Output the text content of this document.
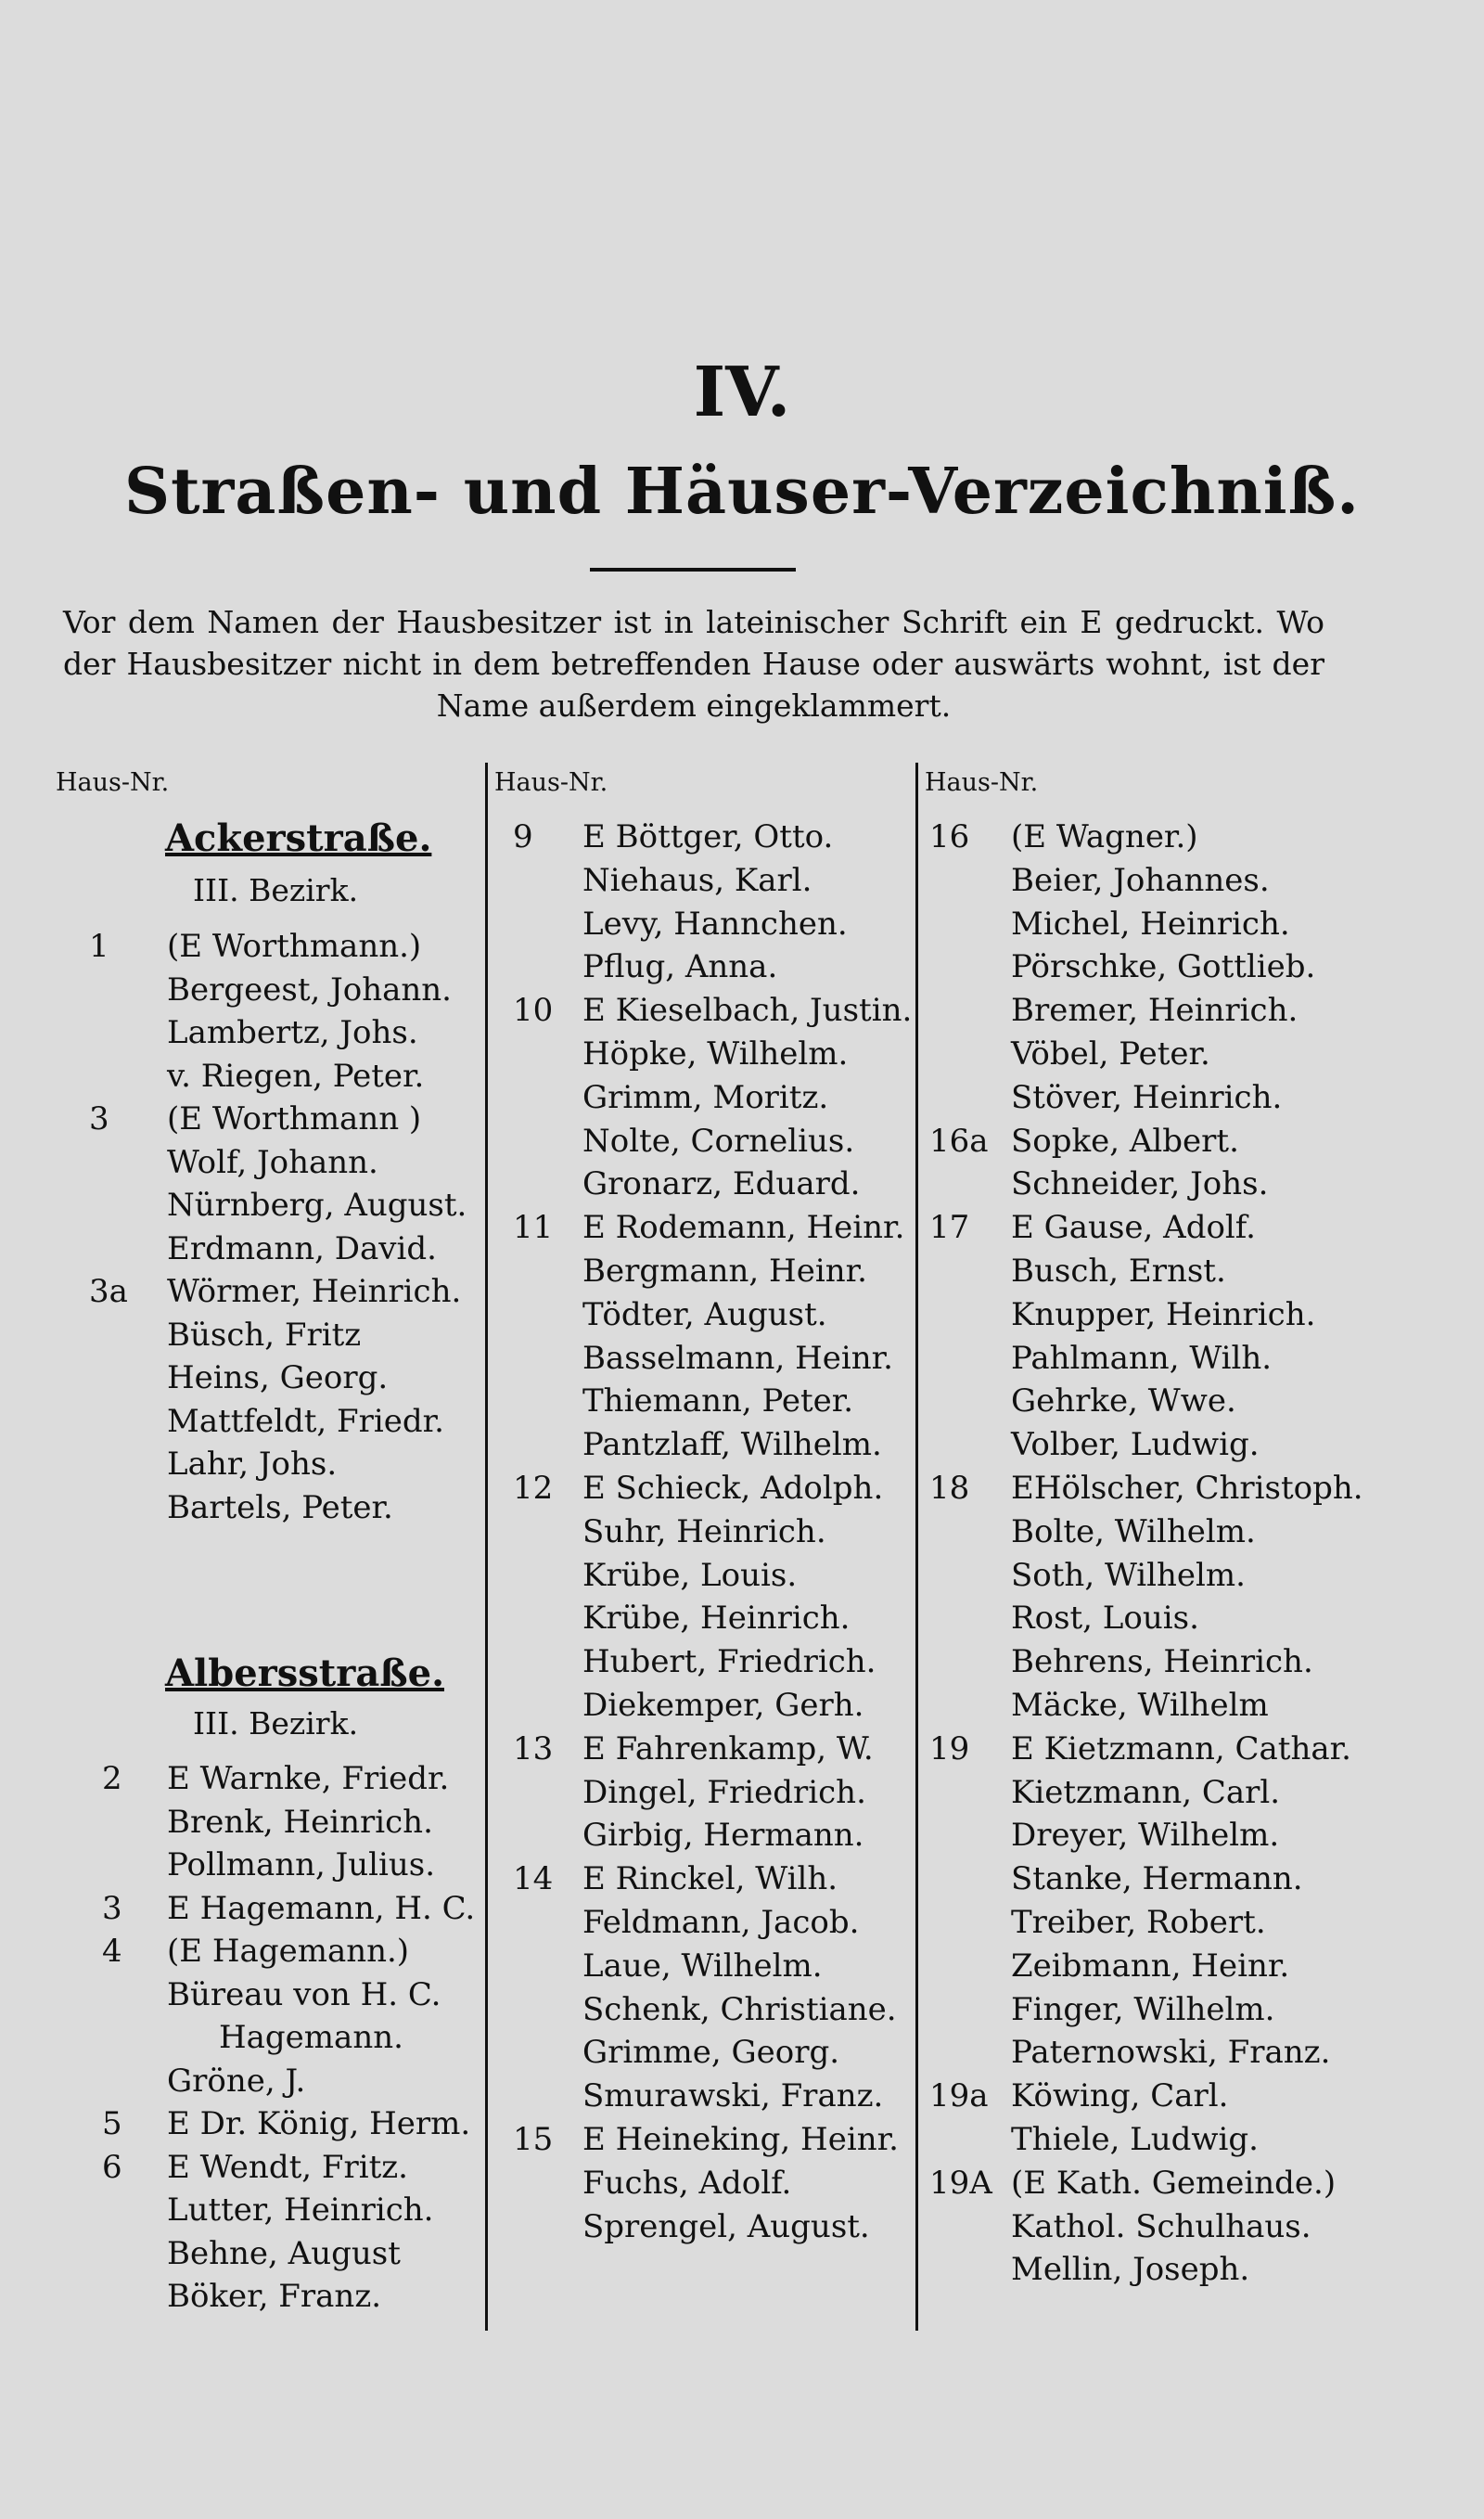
IV.
Straßen- und Häuser-Verzeichniß.
Vor dem Namen der Hausbesitzer ist in lateinischer Schrift ein E gedruckt. Wo der Hausbesitzer nicht in dem betreffenden Hause oder auswärts wohnt, ist der Name außerdem eingeklammert.
Haus-Nr.	Haus-Nr.	Haus-Nr.
Ackerstraße.
III. Bezirk.
1 (E Worthmann.)
Bergeest, Johann.
Lambertz, Johs.
v. Riegen, Peter.
3 (E Worthmann )
Wolf, Johann.
Nürnberg, August.
Erdmann, David.
3a Wörmer, Heinrich.
Büsch, Fritz
Heins, Georg.
Mattfeldt, Friedr.
Lahr, Johs.
Bartels, Peter.
Albersstraße.
III. Bezirk.
2 E Warnke, Friedr.
Brenk, Heinrich.
Pollmann, Julius.
3 E Hagemann, H. C.
4 (E Hagemann.)
Büreau von H. C.
Hagemann.
Gröne, J.
5 E Dr. König, Herm.
6 E Wendt, Fritz.
Lutter, Heinrich.
Behne, August
Böker, Franz.
9 E Böttger, Otto.
Niehaus, Karl.
Levy, Hannchen.
Pflug, Anna.
10 E Kieselbach, Justin.
Höpke, Wilhelm.
Grimm, Moritz.
Nolte, Cornelius.
Gronarz, Eduard.
11 E Rodemann, Heinr.
Bergmann, Heinr.
Tödter, August.
Basselmann, Heinr.
Thiemann, Peter.
Pantzlaff, Wilhelm.
12 E Schieck, Adolph.
Suhr, Heinrich.
Krübe, Louis.
Krübe, Heinrich.
Hubert, Friedrich.
Diekemper, Gerh.
13 E Fahrenkamp, W.
Dingel, Friedrich.
Girbig, Hermann.
14 E Rinckel, Wilh.
Feldmann, Jacob.
Laue, Wilhelm.
Schenk, Christiane.
Grimme, Georg.
Smurawski, Franz.
15 E Heineking, Heinr.
Fuchs, Adolf.
Sprengel, August.
16 (E Wagner.)
Beier, Johannes.
Michel, Heinrich.
Pörschke, Gottlieb.
Bremer, Heinrich.
Vöbel, Peter.
Stöver, Heinrich.
16a Sopke, Albert.
Schneider, Johs.
17 E Gause, Adolf.
Busch, Ernst.
Knupper, Heinrich.
Pahlmann, Wilh.
Gehrke, Wwe.
Volber, Ludwig.
18 EHölscher, Christoph.
Bolte, Wilhelm.
Soth, Wilhelm.
Rost, Louis.
Behrens, Heinrich.
Mäcke, Wilhelm
19 E Kietzmann, Cathar.
Kietzmann, Carl.
Dreyer, Wilhelm.
Stanke, Hermann.
Treiber, Robert.
Zeibmann, Heinr.
Finger, Wilhelm.
Paternowski, Franz.
19a Köwing, Carl.
Thiele, Ludwig.
19A (E Kath. Gemeinde.)
Kathol. Schulhaus.
Mellin, Joseph.
